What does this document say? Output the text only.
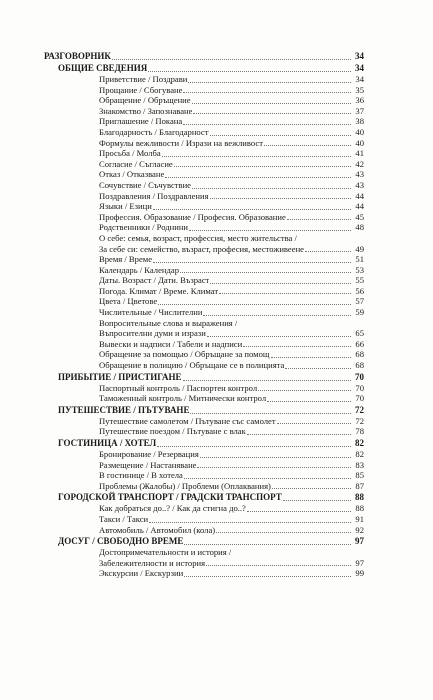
РАЗГОВОРНИК	34
ОБЩИЕ СВЕДЕНИЯ	34
Приветствие / Поздрави	34
Прощание / Сбогуване	35
Обращение / Обръщение	36
Знакомство / Запознаване	37
Приглашение / Покана	38
Благодарность / Благодарност	40
Формулы вежливости / Изрази на вежливост	40
Просьба / Молба	41
Согласие / Съгласие	42
Отказ / Отказване	43
Сочувствие / Съчувствие	43
Поздравления / Поздравления	44
Языки / Езици	44
Профессия. Образование / Професия. Образование	45
Родственники / Роднини	48
О себе: семья, возраст, профессия, место жительства /
За себе си: семейство, възраст, професия, местоживеене	49
Время / Време	51
Календарь / Календар	53
Даты. Возраст / Дати. Възраст	55
Погода. Климат / Време. Климат	56
Цвета / Цветове	57
Числительные / Числителни	59
Вопросительные слова и выражения /
Въпросителни думи и изрази	65
Вывески и надписи / Табели и надписи	66
Обращение за помощью / Обръщане за помощ	68
Обращение в полицию / Обръщане се в полицията	68
ПРИБЫТИЕ / ПРИСТИГАНЕ	70
Паспортный контроль / Паспортен контрол	70
Таможенный контроль / Митнически контрол	70
ПУТЕШЕСТВИЕ / ПЪТУВАНЕ	72
Путешествие самолетом / Пътуване със самолет	72
Путешествие поездом / Пътуване с влак	78
ГОСТИНИЦА / ХОТЕЛ	82
Бронирование / Резервация	82
Размещение / Настаняване	83
В гостинице / В хотела	85
Проблемы (Жалобы) / Проблеми (Оплаквания)	87
ГОРОДСКОЙ ТРАНСПОРТ / ГРАДСКИ ТРАНСПОРТ	88
Как добраться до..? / Как да стигна до..?	88
Такси / Такси	91
Автомобиль / Автомобил (кола)	92
ДОСУГ / СВОБОДНО ВРЕМЕ	97
Достопримечательности и история /
Забележителности и история	97
Экскурсии / Екскурзии	99
